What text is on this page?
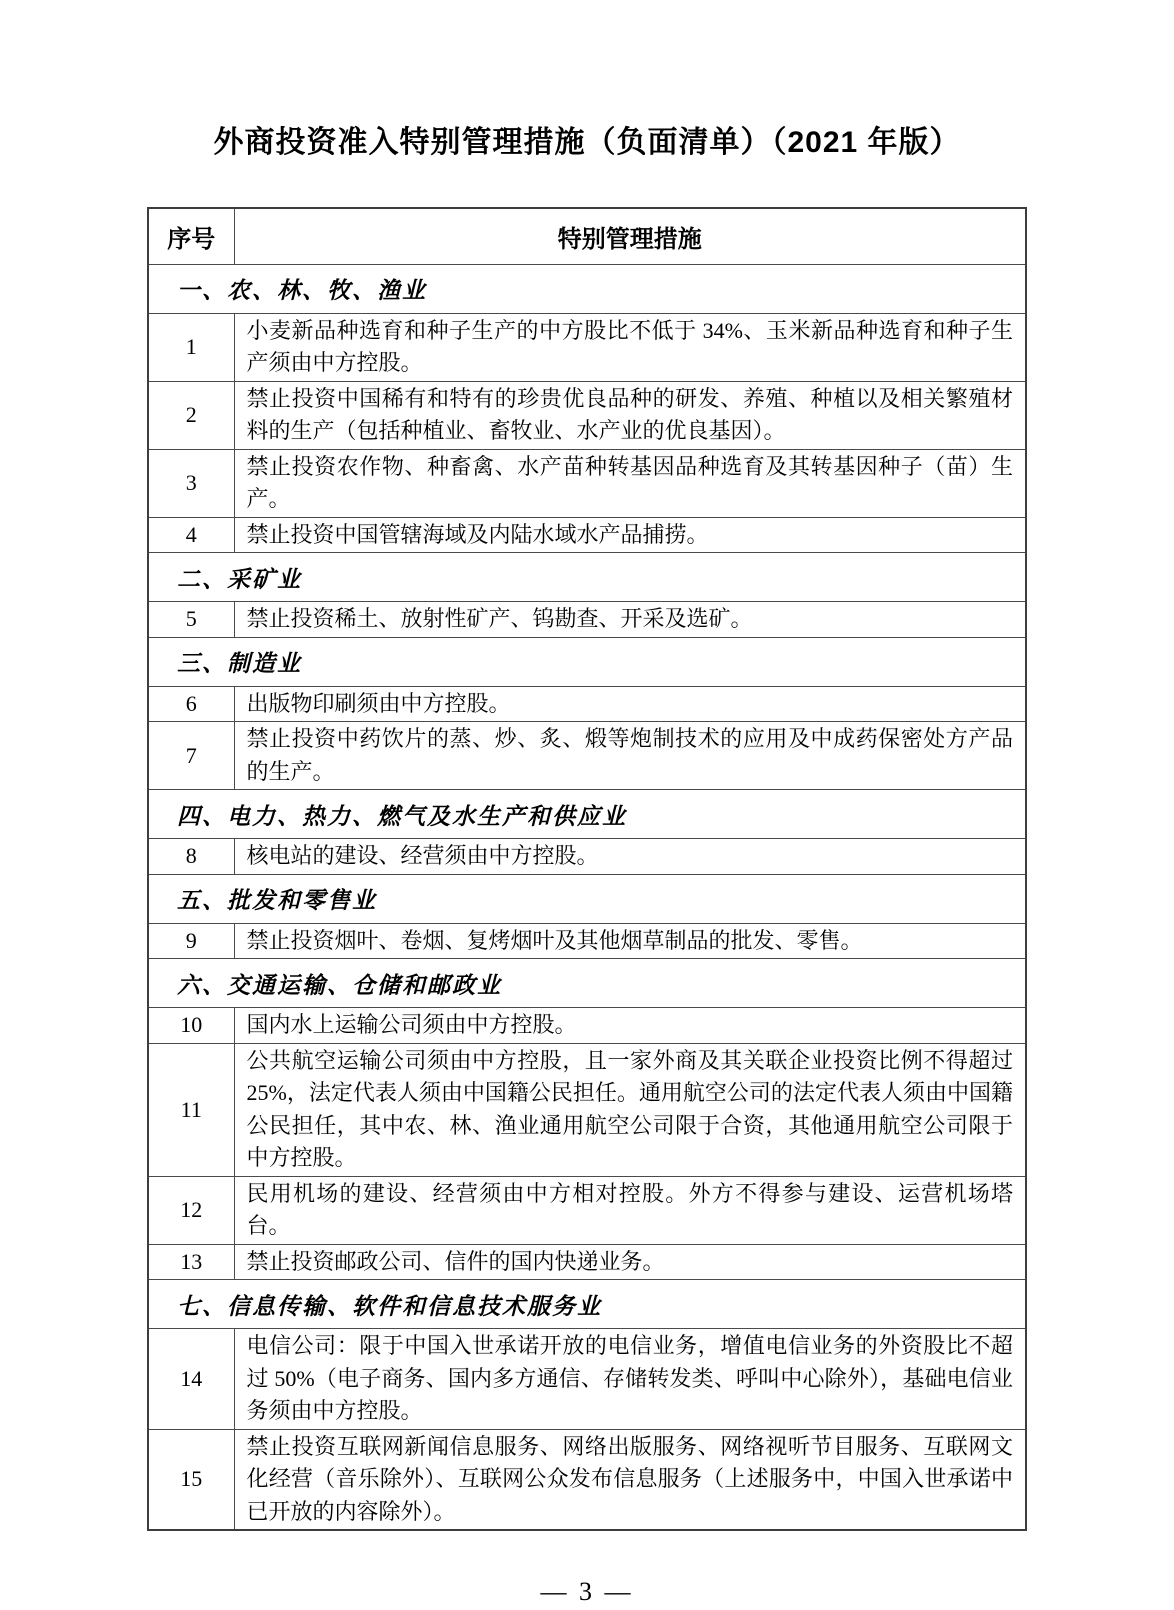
外商投资准入特别管理措施（负面清单）（2021 年版）
序号	特别管理措施
一、农、林、牧、渔业	
1	小麦新品种选育和种子生产的中方股比不低于 34%、玉米新品种选育和种子生产须由中方控股。
2	禁止投资中国稀有和特有的珍贵优良品种的研发、养殖、种植以及相关繁殖材料的生产（包括种植业、畜牧业、水产业的优良基因）。
3	禁止投资农作物、种畜禽、水产苗种转基因品种选育及其转基因种子（苗）生产。
4	禁止投资中国管辖海域及内陆水域水产品捕捞。
二、采矿业	
5	禁止投资稀土、放射性矿产、钨勘查、开采及选矿。
三、制造业	
6	出版物印刷须由中方控股。
7	禁止投资中药饮片的蒸、炒、炙、煅等炮制技术的应用及中成药保密处方产品的生产。
四、电力、热力、燃气及水生产和供应业	
8	核电站的建设、经营须由中方控股。
五、批发和零售业	
9	禁止投资烟叶、卷烟、复烤烟叶及其他烟草制品的批发、零售。
六、交通运输、仓储和邮政业	
10	国内水上运输公司须由中方控股。
11	公共航空运输公司须由中方控股，且一家外商及其关联企业投资比例不得超过 25%，法定代表人须由中国籍公民担任。通用航空公司的法定代表人须由中国籍公民担任，其中农、林、渔业通用航空公司限于合资，其他通用航空公司限于中方控股。
12	民用机场的建设、经营须由中方相对控股。外方不得参与建设、运营机场塔台。
13	禁止投资邮政公司、信件的国内快递业务。
七、信息传输、软件和信息技术服务业	
14	电信公司：限于中国入世承诺开放的电信业务，增值电信业务的外资股比不超过 50%（电子商务、国内多方通信、存储转发类、呼叫中心除外），基础电信业务须由中方控股。
15	禁止投资互联网新闻信息服务、网络出版服务、网络视听节目服务、互联网文化经营（音乐除外）、互联网公众发布信息服务（上述服务中，中国入世承诺中已开放的内容除外）。
— 3 —
